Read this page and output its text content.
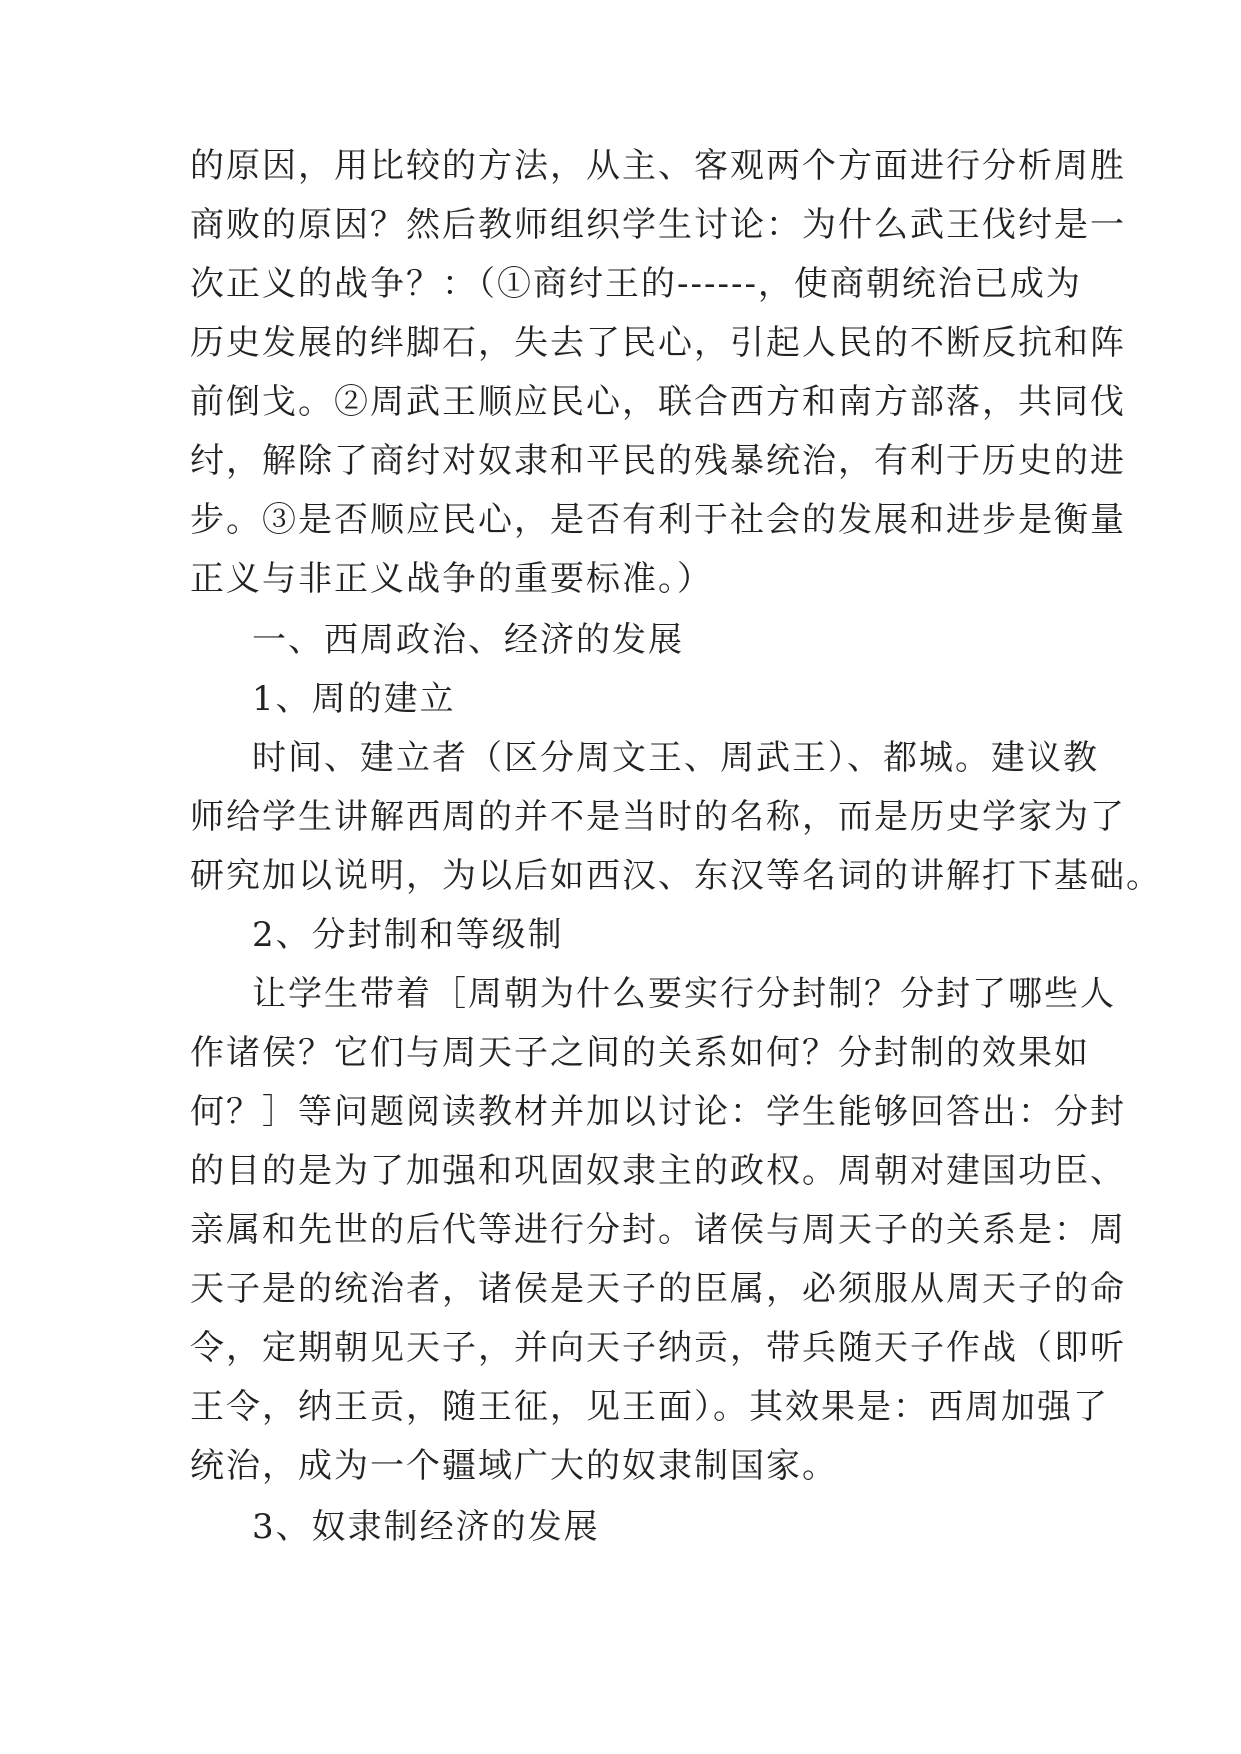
的原因，用比较的方法，从主、客观两个方面进行分析周胜
商败的原因？然后教师组织学生讨论：为什么武王伐纣是一
次正义的战争？：（①商纣王的------，使商朝统治已成为
历史发展的绊脚石，失去了民心，引起人民的不断反抗和阵
前倒戈。②周武王顺应民心，联合西方和南方部落，共同伐
纣，解除了商纣对奴隶和平民的残暴统治，有利于历史的进
步。③是否顺应民心，是否有利于社会的发展和进步是衡量
正义与非正义战争的重要标准。）
一、西周政治、经济的发展
1、周的建立
时间、建立者（区分周文王、周武王）、都城。建议教
师给学生讲解西周的并不是当时的名称，而是历史学家为了
研究加以说明，为以后如西汉、东汉等名词的讲解打下基础。
2、分封制和等级制
让学生带着［周朝为什么要实行分封制？分封了哪些人
作诸侯？它们与周天子之间的关系如何？分封制的效果如
何？］等问题阅读教材并加以讨论：学生能够回答出：分封
的目的是为了加强和巩固奴隶主的政权。周朝对建国功臣、
亲属和先世的后代等进行分封。诸侯与周天子的关系是：周
天子是的统治者，诸侯是天子的臣属，必须服从周天子的命
令，定期朝见天子，并向天子纳贡，带兵随天子作战（即听
王令，纳王贡，随王征，见王面）。其效果是：西周加强了
统治，成为一个疆域广大的奴隶制国家。
3、奴隶制经济的发展
